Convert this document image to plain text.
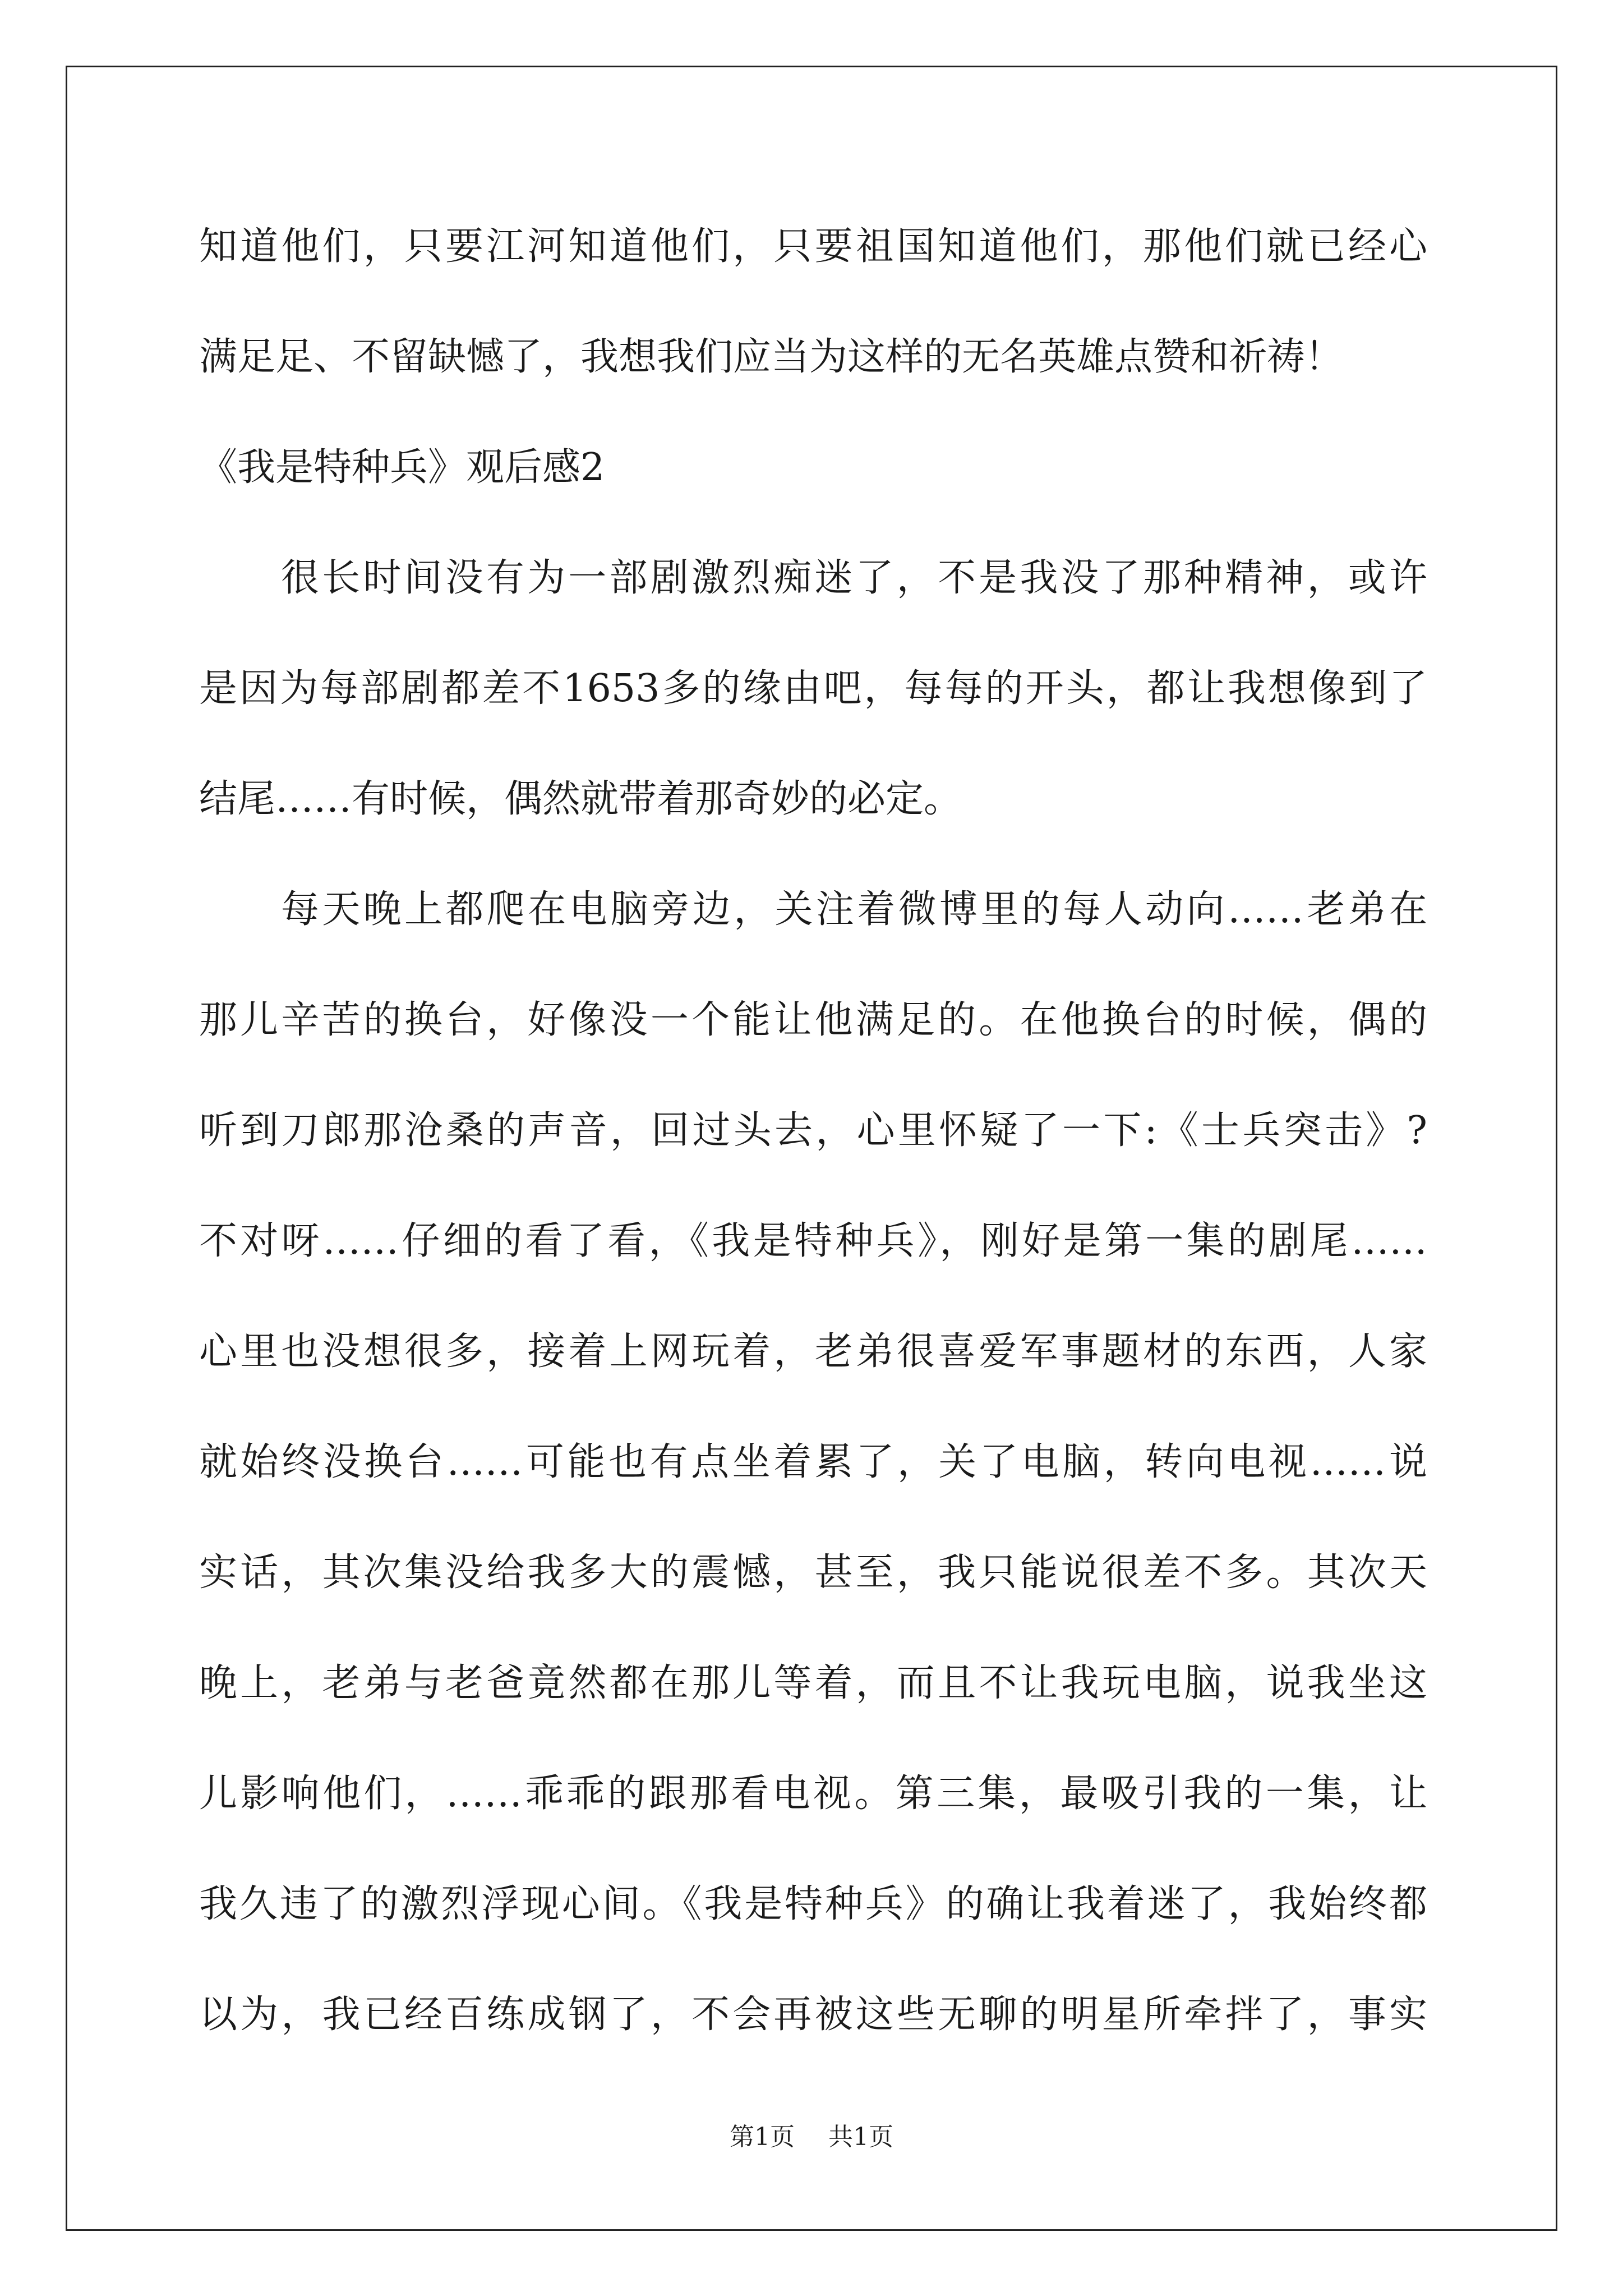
知道他们，只要江河知道他们，只要祖国知道他们，那他们就已经心
满足足、不留缺憾了，我想我们应当为这样的无名英雄点赞和祈祷！
《我是特种兵》观后感2
很长时间没有为一部剧激烈痴迷了，不是我没了那种精神，或许
是因为每部剧都差不1653多的缘由吧，每每的开头，都让我想像到了
结尾……有时候，偶然就带着那奇妙的必定。
每天晚上都爬在电脑旁边，关注着微博里的每人动向……老弟在
那儿辛苦的换台，好像没一个能让他满足的。在他换台的时候，偶的
听到刀郎那沧桑的声音，回过头去，心里怀疑了一下:《士兵突击》?
不对呀……仔细的看了看，《我是特种兵》，刚好是第一集的剧尾……
心里也没想很多，接着上网玩着，老弟很喜爱军事题材的东西，人家
就始终没换台……可能也有点坐着累了，关了电脑，转向电视……说
实话，其次集没给我多大的震憾，甚至，我只能说很差不多。其次天
晚上，老弟与老爸竟然都在那儿等着，而且不让我玩电脑，说我坐这
儿影响他们，……乖乖的跟那看电视。第三集，最吸引我的一集，让
我久违了的激烈浮现心间。《我是特种兵》的确让我着迷了，我始终都
以为，我已经百练成钢了，不会再被这些无聊的明星所牵拌了，事实
第1页 共1页
